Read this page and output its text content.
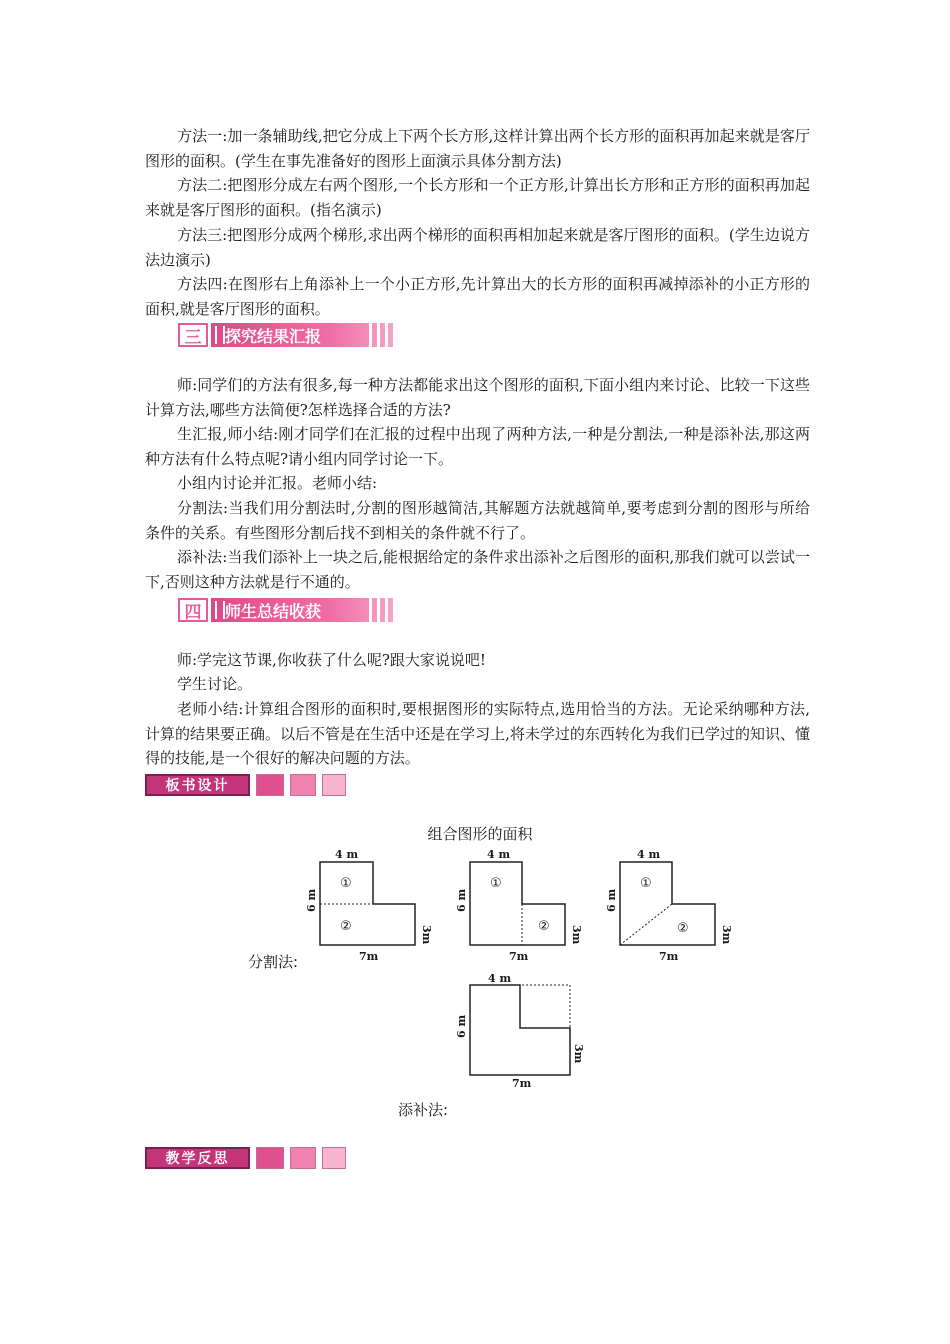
方法一:加一条辅助线,把它分成上下两个长方形,这样计算出两个长方形的面积再加起来就是客厅图形的面积。(学生在事先准备好的图形上面演示具体分割方法)

方法二:把图形分成左右两个图形,一个长方形和一个正方形,计算出长方形和正方形的面积再加起来就是客厅图形的面积。(指名演示)

方法三:把图形分成两个梯形,求出两个梯形的面积再相加起来就是客厅图形的面积。(学生边说方法边演示)

方法四:在图形右上角添补上一个小正方形,先计算出大的长方形的面积再减掉添补的小正方形的面积,就是客厅图形的面积。

三	探究结果汇报

师:同学们的方法有很多,每一种方法都能求出这个图形的面积,下面小组内来讨论、比较一下这些计算方法,哪些方法简便?怎样选择合适的方法?

生汇报,师小结:刚才同学们在汇报的过程中出现了两种方法,一种是分割法,一种是添补法,那这两种方法有什么特点呢?请小组内同学讨论一下。

小组内讨论并汇报。老师小结:

分割法:当我们用分割法时,分割的图形越简洁,其解题方法就越简单,要考虑到分割的图形与所给条件的关系。有些图形分割后找不到相关的条件就不行了。

添补法:当我们添补上一块之后,能根据给定的条件求出添补之后图形的面积,那我们就可以尝试一下,否则这种方法就是行不通的。

四	师生总结收获

师:学完这节课,你收获了什么呢?跟大家说说吧!

学生讨论。

老师小结:计算组合图形的面积时,要根据图形的实际特点,选用恰当的方法。无论采纳哪种方法,计算的结果要正确。以后不管是在生活中还是在学习上,将未学过的东西转化为我们已学过的知识、懂得的技能,是一个很好的解决问题的方法。

板书设计
组合图形的面积
4 m
6 m
3m
7m
①
②
4 m
6 m
3m
7m
①
②
4 m
6 m
3m
7m
①
②
分割法:
4 m
6 m
3m
7m
添补法:
教学反思
